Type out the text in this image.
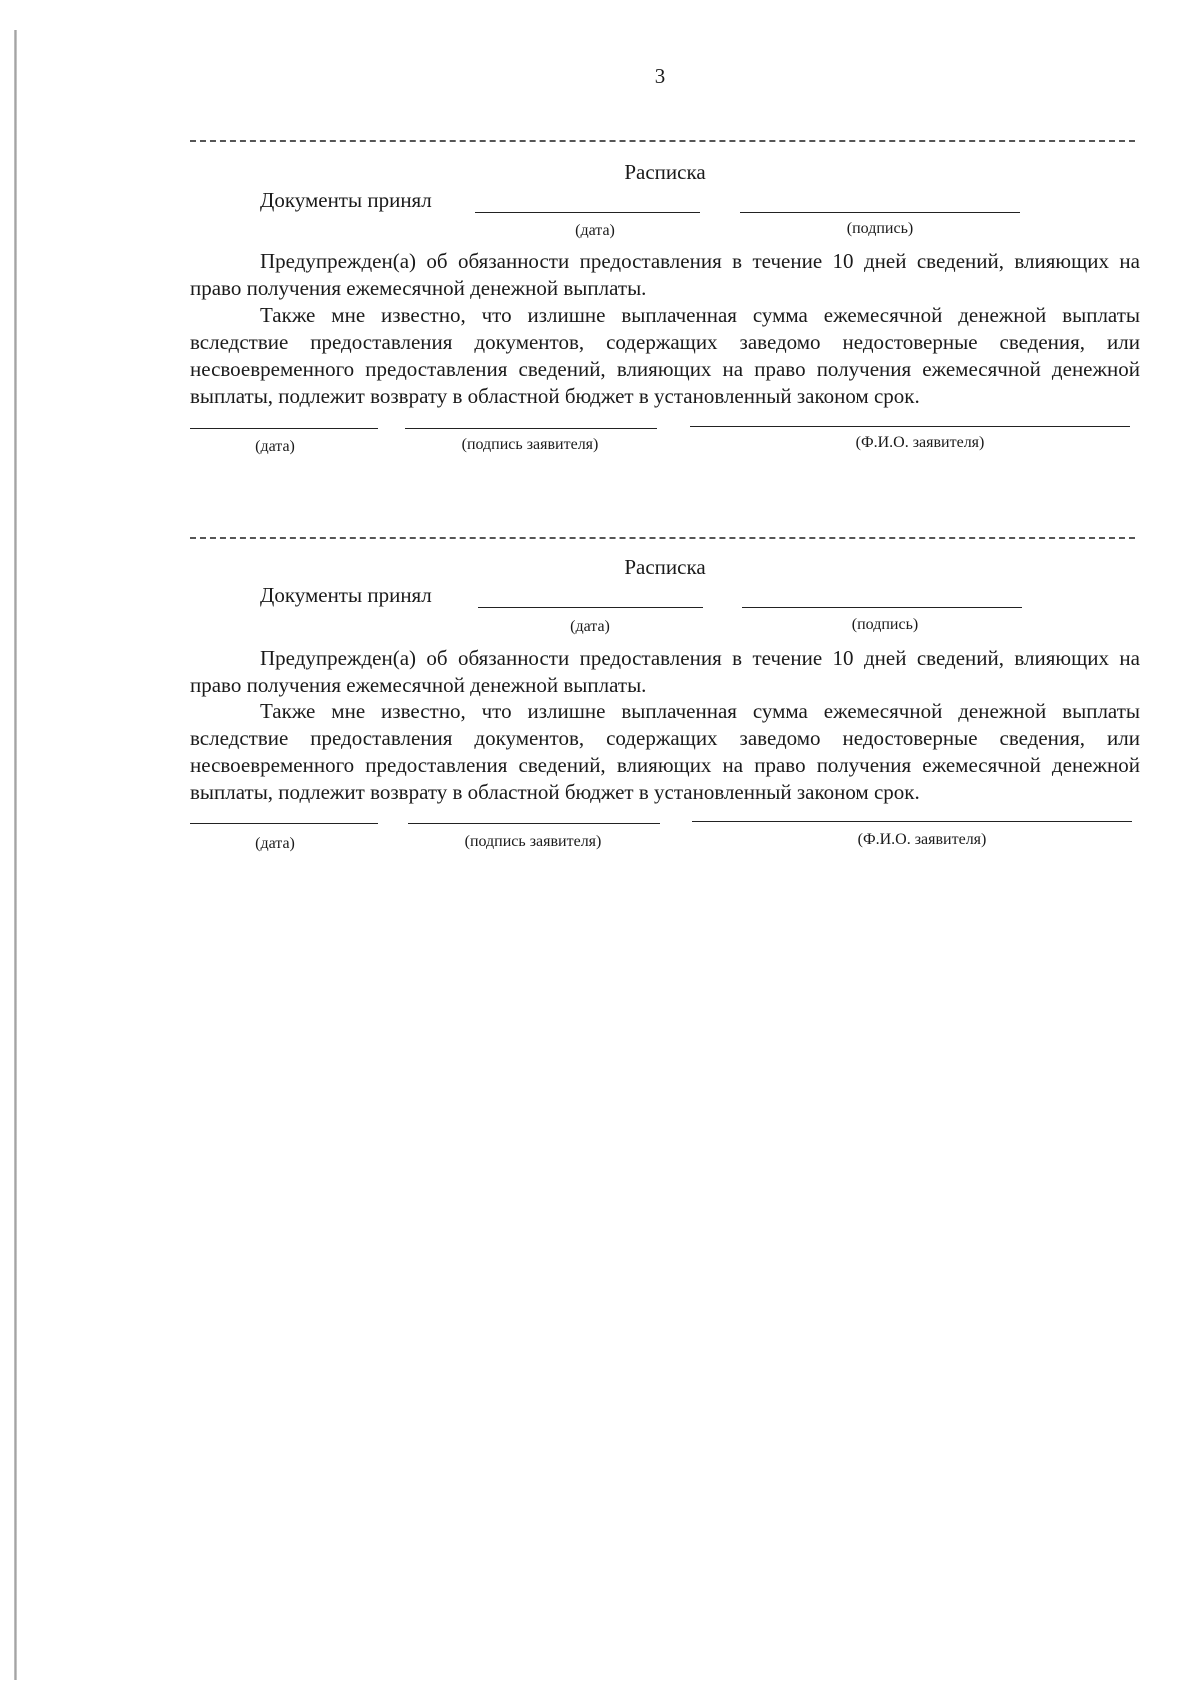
3
Расписка
Документы принял
(дата)	(подпись)

Предупрежден(а) об обязанности предоставления в течение 10 дней сведений, влияющих на право получения ежемесячной денежной выплаты.

Также мне известно, что излишне выплаченная сумма ежемесячной денежной выплаты вследствие предоставления документов, содержащих заведомо недостоверные сведения, или несвоевременного предоставления сведений, влияющих на право получения ежемесячной денежной выплаты, подлежит возврату в областной бюджет в установленный законом срок.

(дата)	(подпись заявителя)	(Ф.И.О. заявителя)
Расписка
Документы принял
(дата)	(подпись)

Предупрежден(а) об обязанности предоставления в течение 10 дней сведений, влияющих на право получения ежемесячной денежной выплаты.

Также мне известно, что излишне выплаченная сумма ежемесячной денежной выплаты вследствие предоставления документов, содержащих заведомо недостоверные сведения, или несвоевременного предоставления сведений, влияющих на право получения ежемесячной денежной выплаты, подлежит возврату в областной бюджет в установленный законом срок.

(дата)	(подпись заявителя)	(Ф.И.О. заявителя)
